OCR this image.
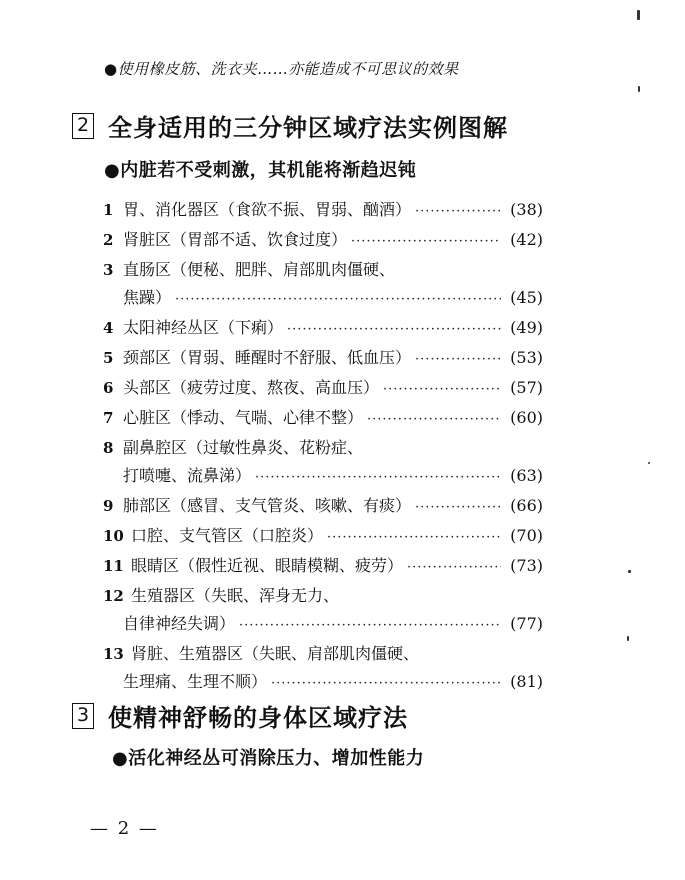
●使用橡皮筋、洗衣夹……亦能造成不可思议的效果
2 全身适用的三分钟区域疗法实例图解
●内脏若不受刺激，其机能将渐趋迟钝
1 胃、消化器区（食欲不振、胃弱、酗酒） ·····	(38)
2 肾脏区（胃部不适、饮食过度） ·····	(42)
3 直肠区（便秘、肥胖、肩部肌肉僵硬、
焦躁） ·····	(45)
4 太阳神经丛区（下痢） ·····	(49)
5 颈部区（胃弱、睡醒时不舒服、低血压） ·····	(53)
6 头部区（疲劳过度、熬夜、高血压） ·····	(57)
7 心脏区（悸动、气喘、心律不整） ·····	(60)
8 副鼻腔区（过敏性鼻炎、花粉症、
打喷嚏、流鼻涕） ·····	(63)
9 肺部区（感冒、支气管炎、咳嗽、有痰） ·····	(66)
10 口腔、支气管区（口腔炎） ·····	(70)
11 眼睛区（假性近视、眼睛模糊、疲劳） ·····	(73)
12 生殖器区（失眠、浑身无力、
自律神经失调） ·····	(77)
13 肾脏、生殖器区（失眠、肩部肌肉僵硬、
生理痛、生理不顺） ·····	(81)
3 使精神舒畅的身体区域疗法
●活化神经丛可消除压力、增加性能力
— 2 —
